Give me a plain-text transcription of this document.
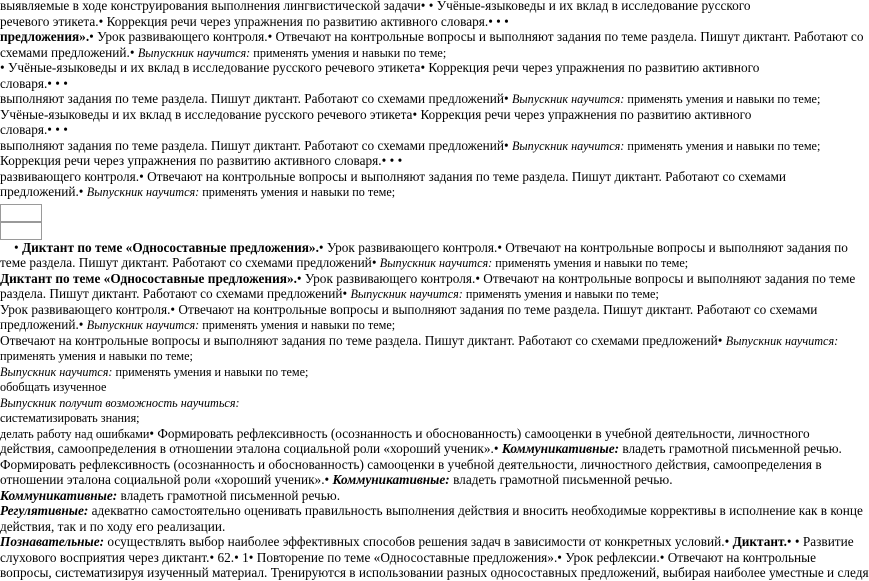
выявляемые в ходе конструирования выполнения лингвистической задачи• • Учёные-языковеды и их вклад в исследование русского
речевого этикета.• Коррекция речи через упражнения по развитию активного словаря.• • •
предложения».• Урок развивающего контроля.• Отвечают на контрольные вопросы и выполняют задания по теме раздела. Пишут диктант. Работают со
схемами предложений.• Выпускник научится: применять умения и навыки по теме;
• Учёные-языковеды и их вклад в исследование русского речевого этикета• Коррекция речи через упражнения по развитию активного
словаря.• • •
выполняют задания по теме раздела. Пишут диктант. Работают со схемами предложений• Выпускник научится: применять умения и навыки по теме;
Учёные-языковеды и их вклад в исследование русского речевого этикета• Коррекция речи через упражнения по развитию активного
словаря.• • •
выполняют задания по теме раздела. Пишут диктант. Работают со схемами предложений• Выпускник научится: применять умения и навыки по теме;
Коррекция речи через упражнения по развитию активного словаря.• • •
развивающего контроля.• Отвечают на контрольные вопросы и выполняют задания по теме раздела. Пишут диктант. Работают со схемами
предложений.• Выпускник научится: применять умения и навыки по теме;
• Диктант по теме «Односоставные предложения».• Урок развивающего контроля.• Отвечают на контрольные вопросы и выполняют задания по
теме раздела. Пишут диктант. Работают со схемами предложений• Выпускник научится: применять умения и навыки по теме;
Диктант по теме «Односоставные предложения».• Урок развивающего контроля.• Отвечают на контрольные вопросы и выполняют задания по теме
раздела. Пишут диктант. Работают со схемами предложений• Выпускник научится: применять умения и навыки по теме;
Урок развивающего контроля.• Отвечают на контрольные вопросы и выполняют задания по теме раздела. Пишут диктант. Работают со схемами
предложений.• Выпускник научится: применять умения и навыки по теме;
Отвечают на контрольные вопросы и выполняют задания по теме раздела. Пишут диктант. Работают со схемами предложений• Выпускник научится:
применять умения и навыки по теме;
Выпускник научится: применять умения и навыки по теме;
обобщать изученное
Выпускник получит возможность научиться:
систематизировать знания;
делать работу над ошибками• Формировать рефлексивность (осознанность и обоснованность) самооценки в учебной деятельности, личностного
действия, самоопределения в отношении эталона социальной роли «хороший ученик».• Коммуникативные: владеть грамотной письменной речью.
Формировать рефлексивность (осознанность и обоснованность) самооценки в учебной деятельности, личностного действия, самоопределения в
отношении эталона социальной роли «хороший ученик».• Коммуникативные: владеть грамотной письменной речью.
Коммуникативные: владеть грамотной письменной речью.
Регулятивные: адекватно самостоятельно оценивать правильность выполнения действия и вносить необходимые коррективы в исполнение как в конце
действия, так и по ходу его реализации.
Познавательные: осуществлять выбор наиболее эффективных способов решения задач в зависимости от конкретных условий.• Диктант.• • Развитие
слухового восприятия через диктант.• 62.• 1• Повторение по теме «Односоставные предложения».• Урок рефлексии.• Отвечают на контрольные
вопросы, систематизируя изученный материал. Тренируются в использовании разных односоставных предложений, выбирая наиболее уместные и следя
